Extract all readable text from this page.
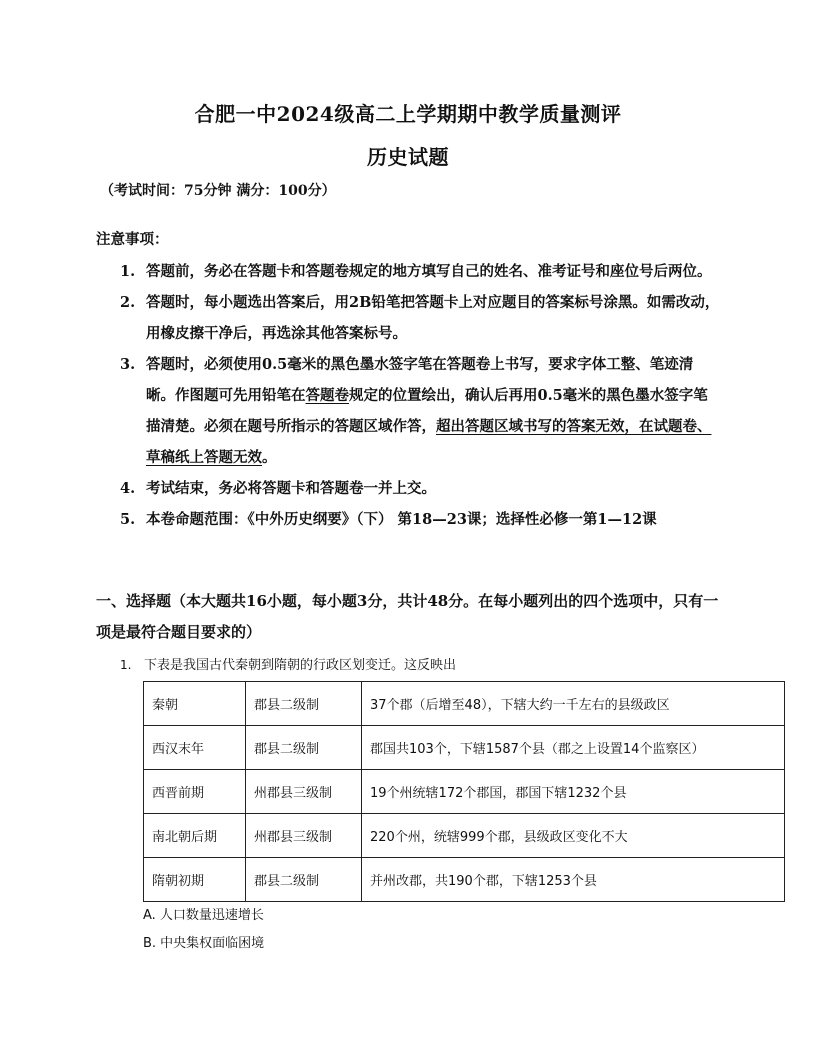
合肥一中2024级高二上学期期中教学质量测评
历史试题
（考试时间：75分钟 满分：100分）
注意事项：
1. 答题前，务必在答题卡和答题卷规定的地方填写自己的姓名、准考证号和座位号后两位。
2. 答题时，每小题选出答案后，用2B铅笔把答题卡上对应题目的答案标号涂黑。如需改动，用橡皮擦干净后，再选涂其他答案标号。
3. 答题时，必须使用0.5毫米的黑色墨水签字笔在答题卷上书写，要求字体工整、笔迹清晰。作图题可先用铅笔在答题卷规定的位置绘出，确认后再用0.5毫米的黑色墨水签字笔描清楚。必须在题号所指示的答题区域作答，超出答题区域书写的答案无效，在试题卷、草稿纸上答题无效。
4. 考试结束，务必将答题卡和答题卷一并上交。
5. 本卷命题范围：《中外历史纲要》（下） 第18—23课；选择性必修一第1—12课
一、选择题（本大题共16小题，每小题3分，共计48分。在每小题列出的四个选项中，只有一项是最符合题目要求的）
1. 下表是我国古代秦朝到隋朝的行政区划变迁。这反映出
秦朝	郡县二级制	37个郡（后增至48），下辖大约一千左右的县级政区
西汉末年	郡县二级制	郡国共103个，下辖1587个县（郡之上设置14个监察区）
西晋前期	州郡县三级制	19个州统辖172个郡国，郡国下辖1232个县
南北朝后期	州郡县三级制	220个州，统辖999个郡，县级政区变化不大
隋朝初期	郡县二级制	并州改郡，共190个郡，下辖1253个县
A. 人口数量迅速增长
B. 中央集权面临困境
